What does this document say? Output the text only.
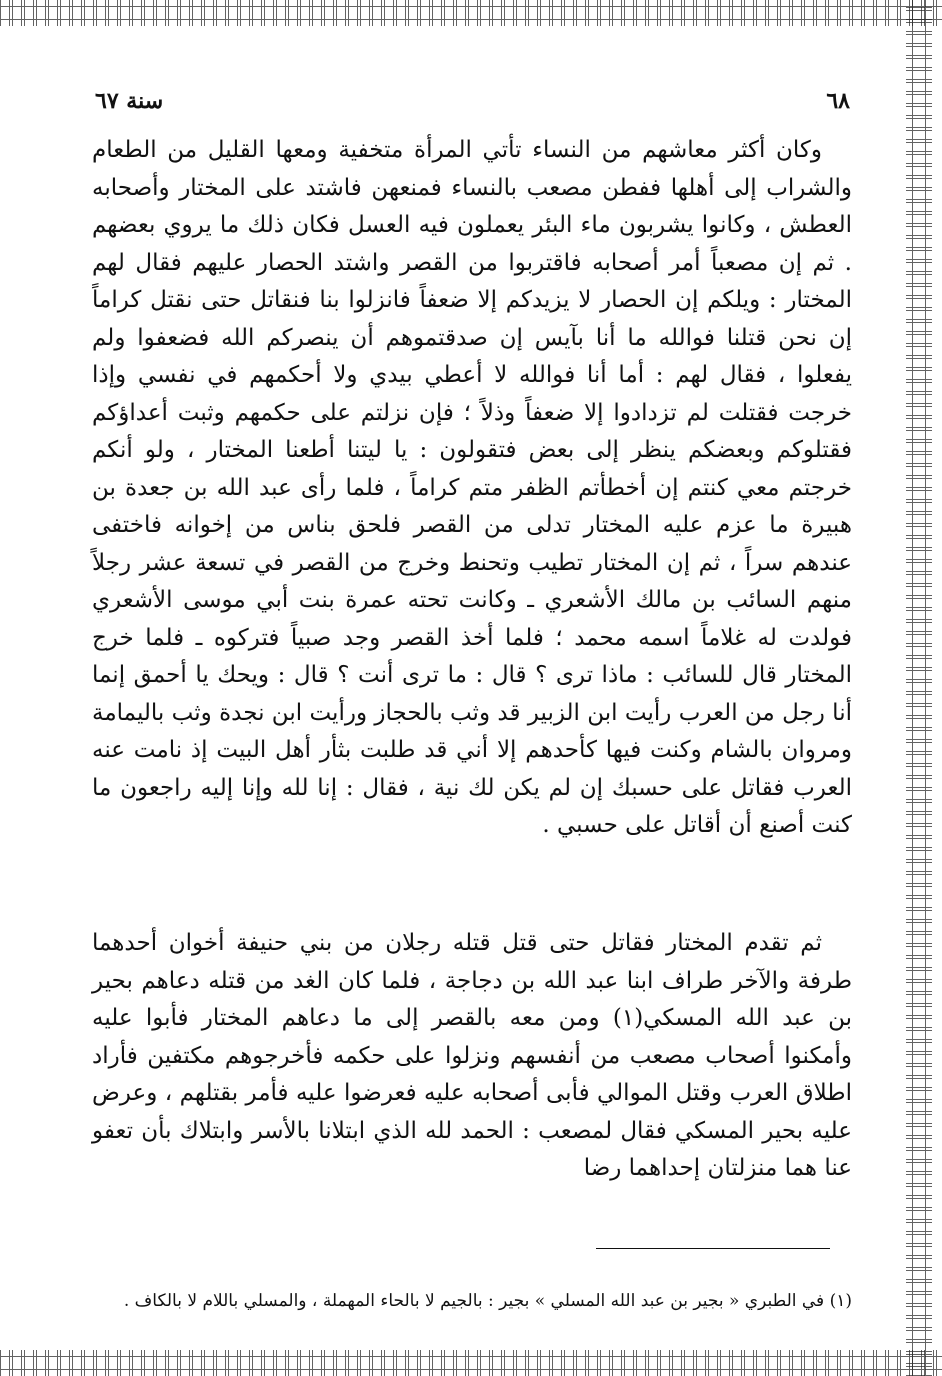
٦٨
سنة ٦٧

وكان أكثر معاشهم من النساء تأتي المرأة متخفية ومعها القليل من الطعام والشراب إلى أهلها ففطن مصعب بالنساء فمنعهن فاشتد على المختار وأصحابه العطش ، وكانوا يشربون ماء البئر يعملون فيه العسل فكان ذلك ما يروي بعضهم . ثم إن مصعباً أمر أصحابه فاقتربوا من القصر واشتد الحصار عليهم فقال لهم المختار : ويلكم إن الحصار لا يزيدكم إلا ضعفاً فانزلوا بنا فنقاتل حتى نقتل كراماً إن نحن قتلنا فوالله ما أنا بآيس إن صدقتموهم أن ينصركم الله فضعفوا ولم يفعلوا ، فقال لهم : أما أنا فوالله لا أعطي بيدي ولا أحكمهم في نفسي وإذا خرجت فقتلت لم تزدادوا إلا ضعفاً وذلاً ؛ فإن نزلتم على حكمهم وثبت أعداؤكم فقتلوكم وبعضكم ينظر إلى بعض فتقولون : يا ليتنا أطعنا المختار ، ولو أنكم خرجتم معي كنتم إن أخطأتم الظفر متم كراماً ، فلما رأى عبد الله بن جعدة بن هبيرة ما عزم عليه المختار تدلى من القصر فلحق بناس من إخوانه فاختفى عندهم سراً ، ثم إن المختار تطيب وتحنط وخرج من القصر في تسعة عشر رجلاً منهم السائب بن مالك الأشعري ـ وكانت تحته عمرة بنت أبي موسى الأشعري فولدت له غلاماً اسمه محمد ؛ فلما أخذ القصر وجد صبياً فتركوه ـ فلما خرج المختار قال للسائب : ماذا ترى ؟ قال : ما ترى أنت ؟ قال : ويحك يا أحمق إنما أنا رجل من العرب رأيت ابن الزبير قد وثب بالحجاز ورأيت ابن نجدة وثب باليمامة ومروان بالشام وكنت فيها كأحدهم إلا أني قد طلبت بثأر أهل البيت إذ نامت عنه العرب فقاتل على حسبك إن لم يكن لك نية ، فقال : إنا لله وإنا إليه راجعون ما كنت أصنع أن أقاتل على حسبي .

ثم تقدم المختار فقاتل حتى قتل قتله رجلان من بني حنيفة أخوان أحدهما طرفة والآخر طراف ابنا عبد الله بن دجاجة ، فلما كان الغد من قتله دعاهم بحير بن عبد الله المسكي(١) ومن معه بالقصر إلى ما دعاهم المختار فأبوا عليه وأمكنوا أصحاب مصعب من أنفسهم ونزلوا على حكمه فأخرجوهم مكتفين فأراد اطلاق العرب وقتل الموالي فأبى أصحابه عليه فعرضوا عليه فأمر بقتلهم ، وعرض عليه بحير المسكي فقال لمصعب : الحمد لله الذي ابتلانا بالأسر وابتلاك بأن تعفو عنا هما منزلتان إحداهما رضا

(١) في الطبري « بجير بن عبد الله المسلي » بجير : بالجيم لا بالحاء المهملة ، والمسلي باللام لا بالكاف .
